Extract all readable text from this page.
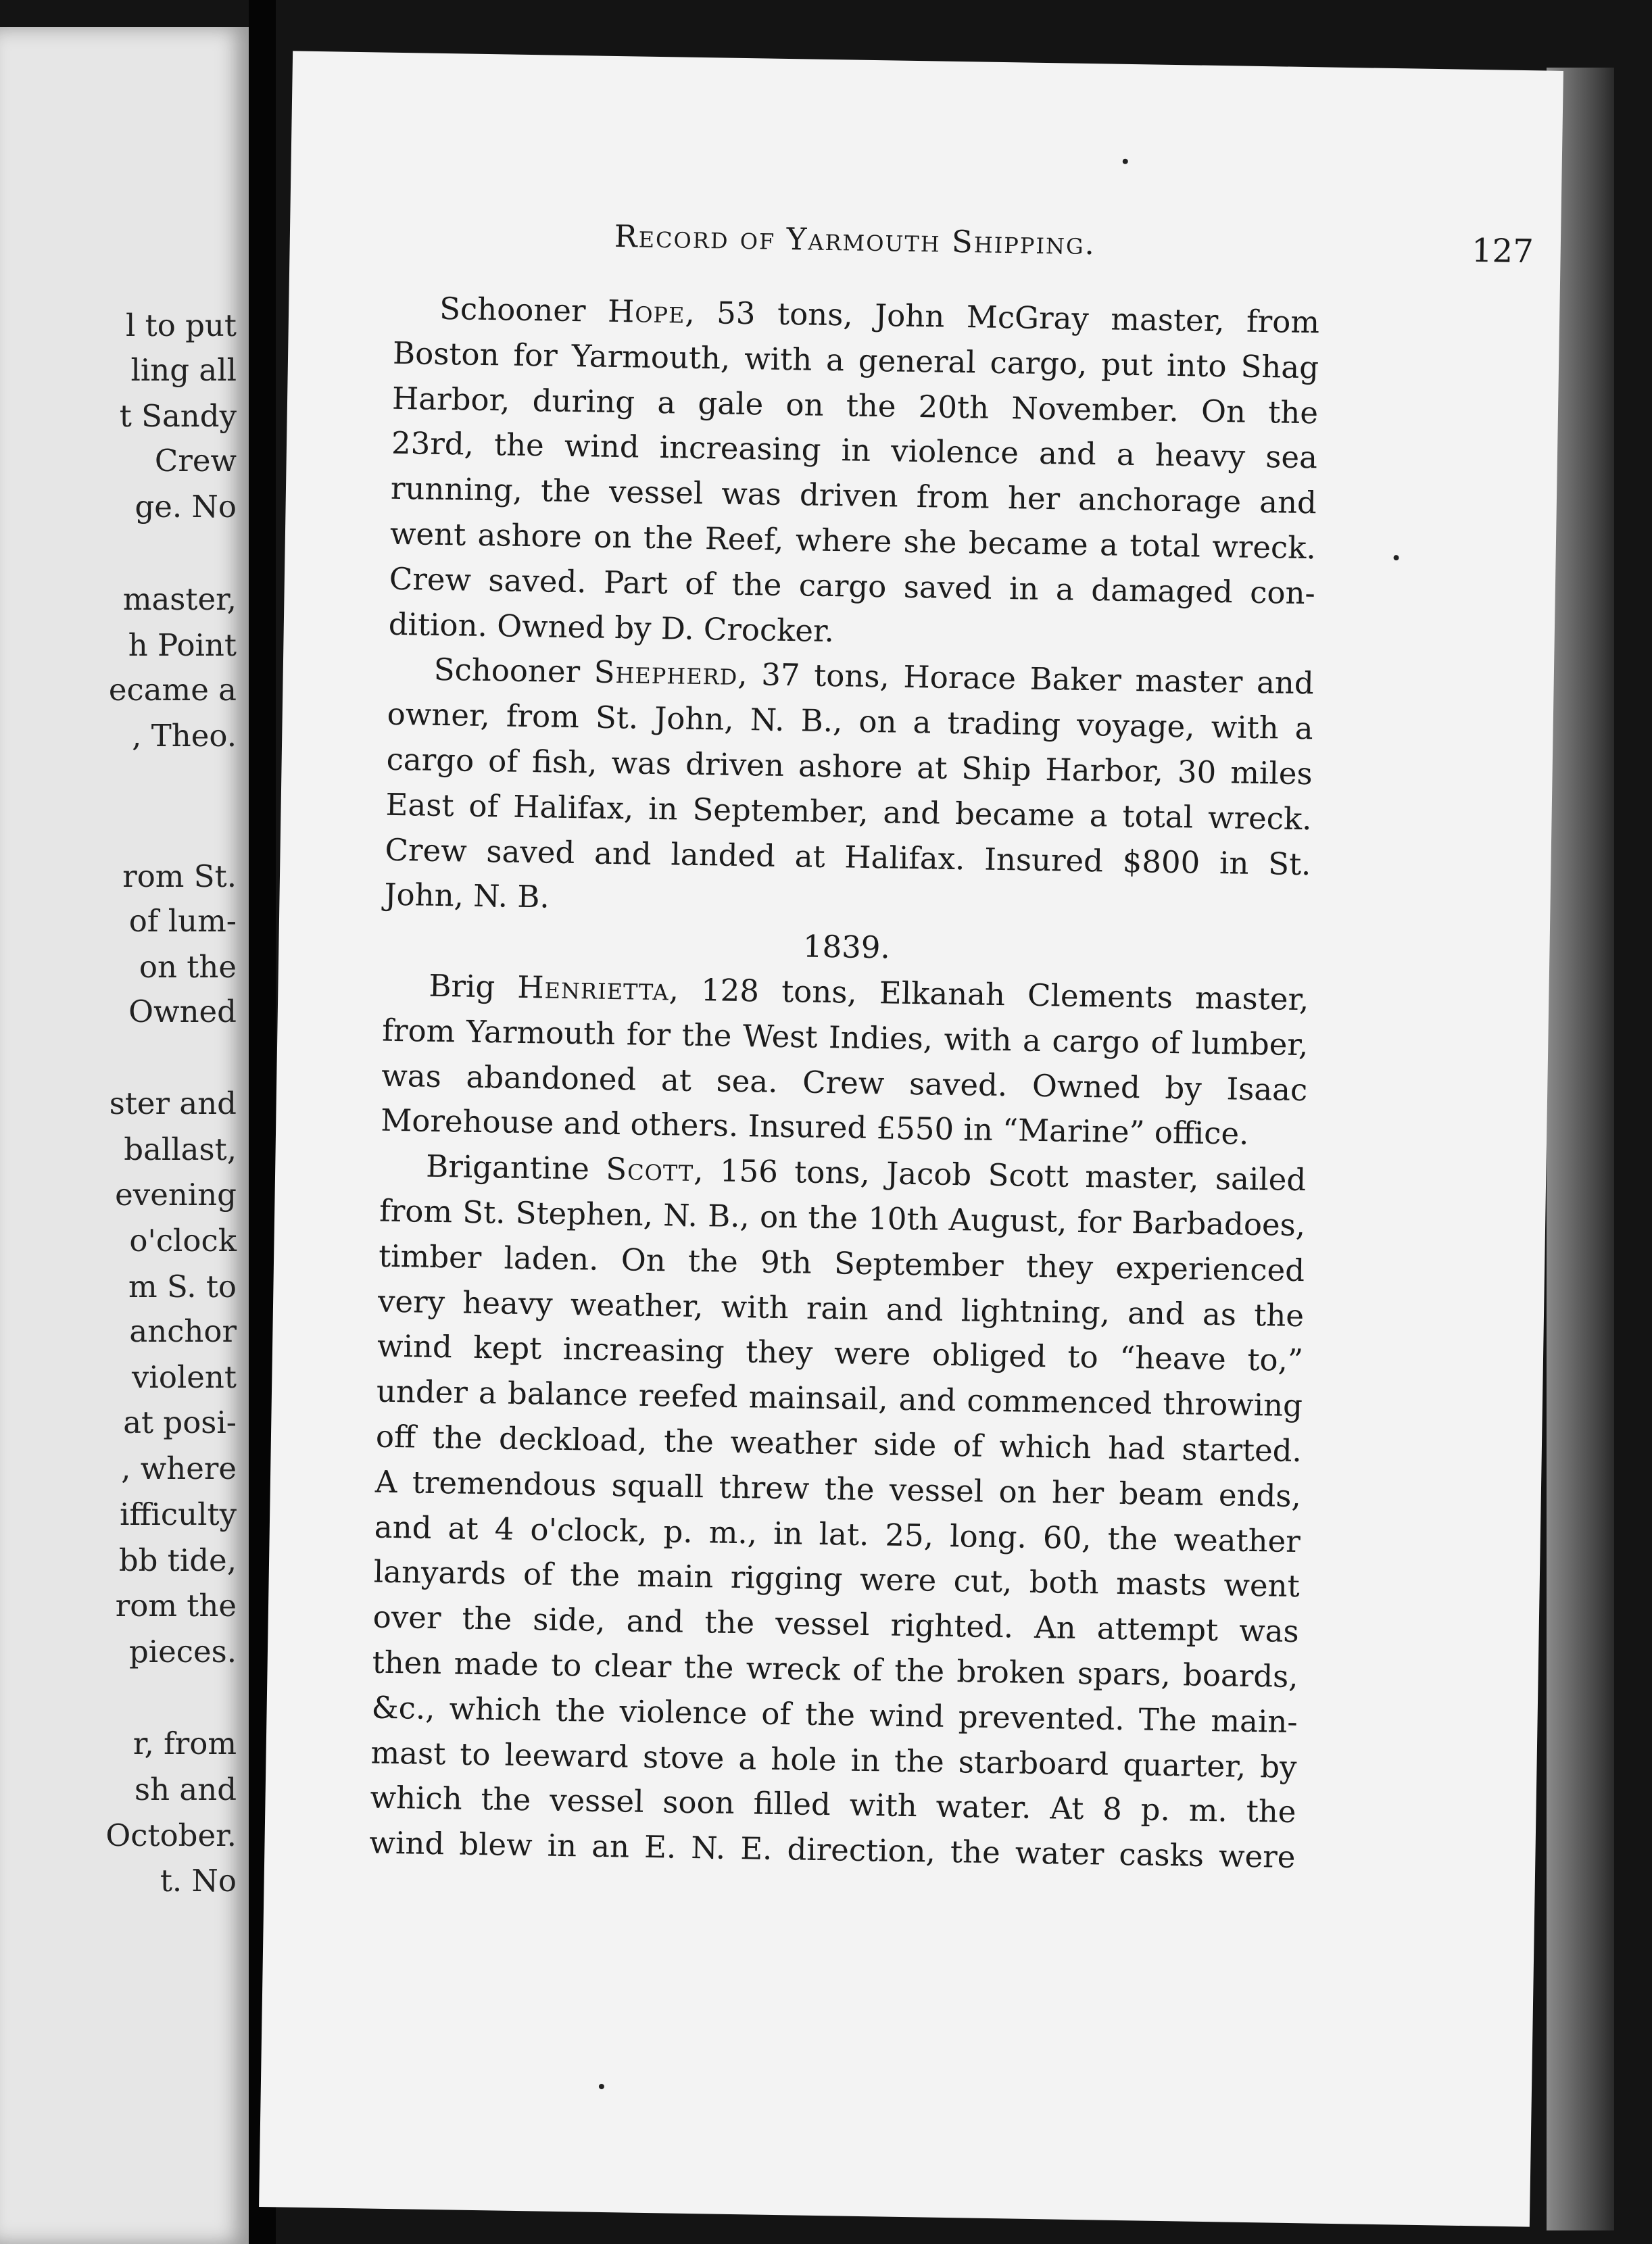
l to put
ling all
t Sandy
Crew
ge. No
master,
h Point
ecame a
, Theo.
rom St.
of lum-
on the
Owned
ster and
ballast,
evening
o'clock
m S. to
anchor
violent
at posi-
, where
ifficulty
bb tide,
rom the
pieces.
r, from
sh and
October.
t. No
Record of Yarmouth Shipping.	127
Schooner Hope, 53 tons, John McGray master, from
Boston for Yarmouth, with a general cargo, put into Shag
Harbor, during a gale on the 20th November. On the
23rd, the wind increasing in violence and a heavy sea
running, the vessel was driven from her anchorage and
went ashore on the Reef, where she became a total wreck.
Crew saved. Part of the cargo saved in a damaged con-
dition. Owned by D. Crocker.
Schooner Shepherd, 37 tons, Horace Baker master and
owner, from St. John, N. B., on a trading voyage, with a
cargo of fish, was driven ashore at Ship Harbor, 30 miles
East of Halifax, in September, and became a total wreck.
Crew saved and landed at Halifax. Insured $800 in St.
John, N. B.
1839.
Brig Henrietta, 128 tons, Elkanah Clements master,
from Yarmouth for the West Indies, with a cargo of lumber,
was abandoned at sea. Crew saved. Owned by Isaac
Morehouse and others. Insured £550 in “Marine” office.
Brigantine Scott, 156 tons, Jacob Scott master, sailed
from St. Stephen, N. B., on the 10th August, for Barbadoes,
timber laden. On the 9th September they experienced
very heavy weather, with rain and lightning, and as the
wind kept increasing they were obliged to “heave to,”
under a balance reefed mainsail, and commenced throwing
off the deckload, the weather side of which had started.
A tremendous squall threw the vessel on her beam ends,
and at 4 o'clock, p. m., in lat. 25, long. 60, the weather
lanyards of the main rigging were cut, both masts went
over the side, and the vessel righted. An attempt was
then made to clear the wreck of the broken spars, boards,
&c., which the violence of the wind prevented. The main-
mast to leeward stove a hole in the starboard quarter, by
which the vessel soon filled with water. At 8 p. m. the
wind blew in an E. N. E. direction, the water casks were
